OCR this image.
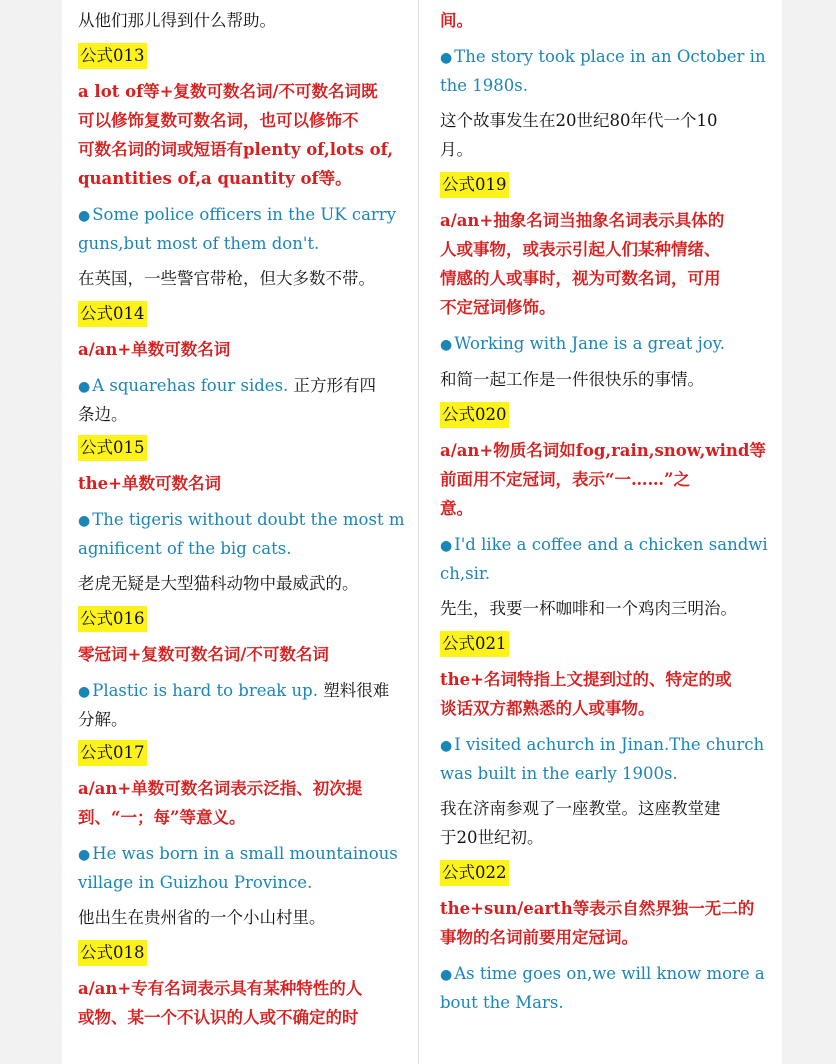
从他们那儿得到什么帮助。
公式013
a lot of等+复数可数名词/不可数名词既
可以修饰复数可数名词，也可以修饰不
可数名词的词或短语有plenty of,lots of,
quantities of,a quantity of等。
● Some police officers in the UK carry
guns,but most of them don't.
在英国，一些警官带枪，但大多数不带。
公式014
a/an+单数可数名词
● A squarehas four sides. 正方形有四
条边。
公式015
the+单数可数名词
● The tigeris without doubt the most m
agnificent of the big cats.
老虎无疑是大型猫科动物中最威武的。
公式016
零冠词+复数可数名词/不可数名词
● Plastic is hard to break up. 塑料很难
分解。
公式017
a/an+单数可数名词表示泛指、初次提
到、“一；每”等意义。
● He was born in a small mountainous
village in Guizhou Province.
他出生在贵州省的一个小山村里。
公式018
a/an+专有名词表示具有某种特性的人
或物、某一个不认识的人或不确定的时
间。
● The story took place in an October in
the 1980s.
这个故事发生在20世纪80年代一个10
月。
公式019
a/an+抽象名词当抽象名词表示具体的
人或事物，或表示引起人们某种情绪、
情感的人或事时，视为可数名词，可用
不定冠词修饰。
● Working with Jane is a great joy.
和简一起工作是一件很快乐的事情。
公式020
a/an+物质名词如fog,rain,snow,wind等
前面用不定冠词，表示“一……”之
意。
● I'd like a coffee and a chicken sandwi
ch,sir.
先生，我要一杯咖啡和一个鸡肉三明治。
公式021
the+名词特指上文提到过的、特定的或
谈话双方都熟悉的人或事物。
● I visited achurch in Jinan.The church
was built in the early 1900s.
我在济南参观了一座教堂。这座教堂建
于20世纪初。
公式022
the+sun/earth等表示自然界独一无二的
事物的名词前要用定冠词。
● As time goes on,we will know more a
bout the Mars.
